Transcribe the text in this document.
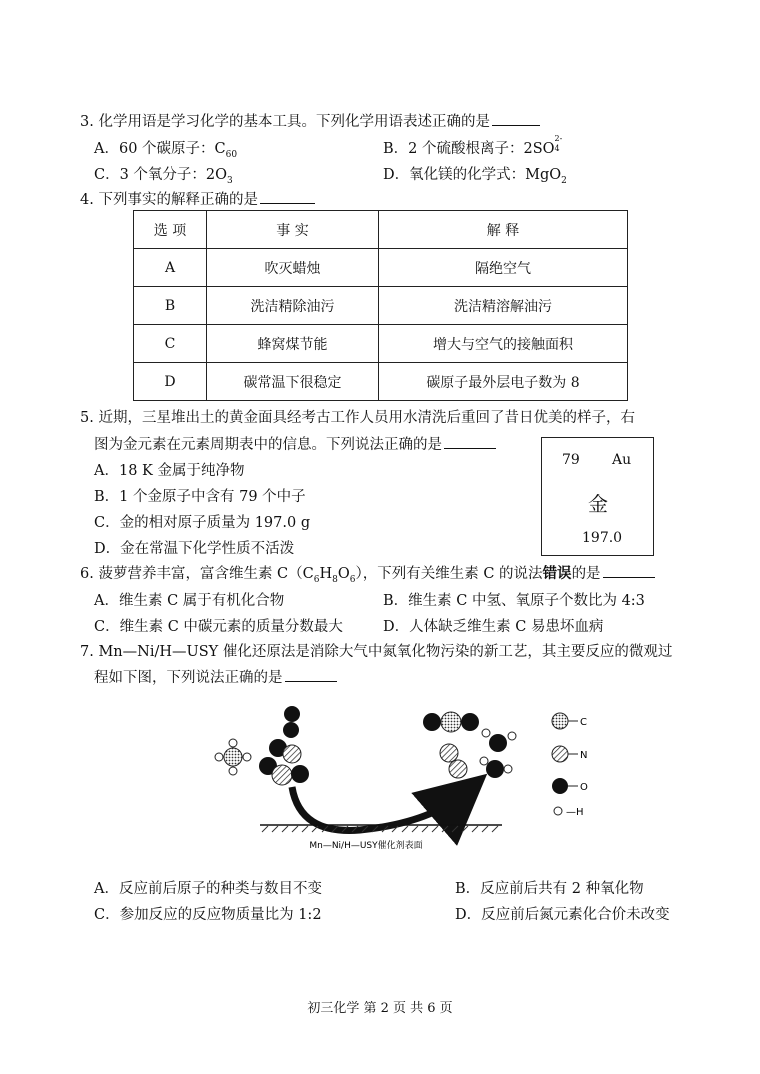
3. 化学用语是学习化学的基本工具。下列化学用语表述正确的是
A．60 个碳原子：$C_{60}$	B．2 个硫酸根离子：2SO
2-
4
C．3 个氧分子：$2O_3$	D．氧化镁的化学式：MgO$_2$
4. 下列事实的解释正确的是
选 项	事 实	解 释
A	吹灭蜡烛	隔绝空气
B	洗洁精除油污	洗洁精溶解油污
C	蜂窝煤节能	增大与空气的接触面积
D	碳常温下很稳定	碳原子最外层电子数为 8
5. 近期，三星堆出土的黄金面具经考古工作人员用水清洗后重回了昔日优美的样子，右
图为金元素在元素周期表中的信息。下列说法正确的是
A．18 K 金属于纯净物
B．1 个金原子中含有 79 个中子
C．金的相对原子质量为 197.0 g
D．金在常温下化学性质不活泼
79 Au
金
197.0
6. 菠萝营养丰富，富含维生素 $C(C_6H_8O_6)$，下列有关维生素 C 的说法错误的是
A．维生素 C 属于有机化合物	B．维生素 C 中氢、氧原子个数比为 4:3
C．维生素 C 中碳元素的质量分数最大	D．人体缺乏维生素 C 易患坏血病
7. Mn—Ni/H—USY 催化还原法是消除大气中氮氧化物污染的新工艺，其主要反应的微观过
程如下图，下列说法正确的是
Mn—Ni/H—USY催化剂表面
C
N
O
—H
A．反应前后原子的种类与数目不变	B．反应前后共有 2 种氧化物
C．参加反应的反应物质量比为 1:2	D．反应前后氮元素化合价未改变
初三化学 第 2 页 共 6 页
